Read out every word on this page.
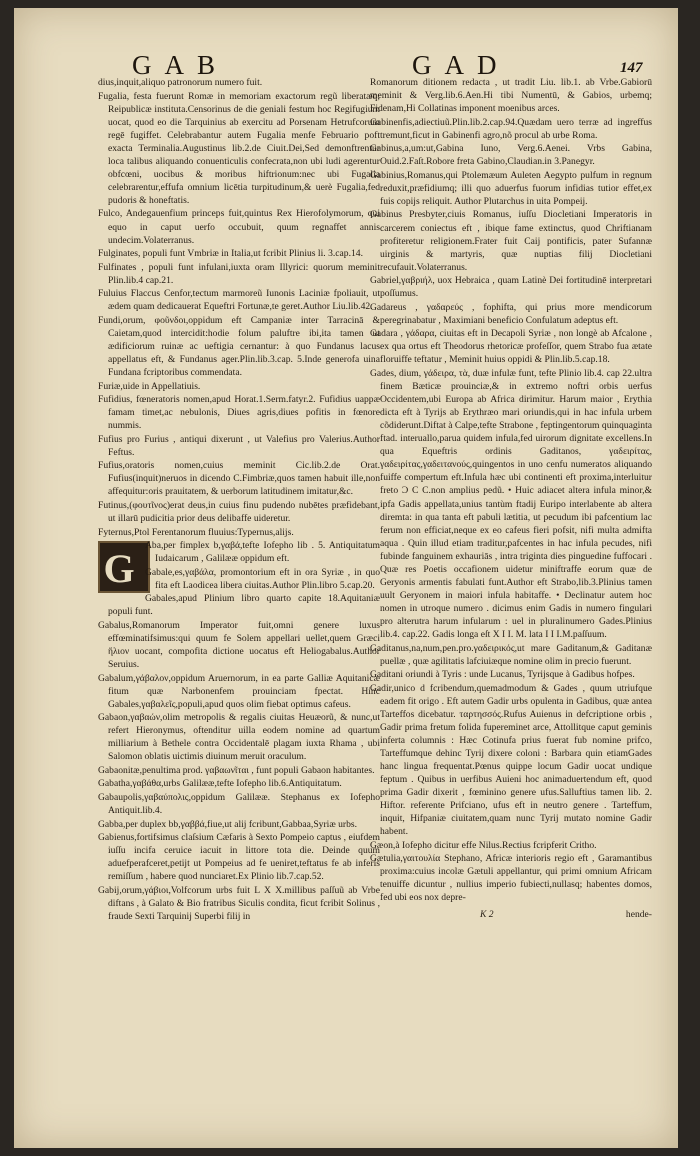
GAB	GAD	147

dius,inquit,aliquo patronorum numero fuit.

Fugalia, festa fuerunt Romæ in memoriam exactorum regũ liberatæq; Reipublicæ instituta.Censorinus de die geniali festum hoc Regifugium uocat, quod eo die Tarquinius ab exercitu ad Porsenam Hetrufcorum regē fugiffet. Celebrabantur autem Fugalia menfe Februario poft exacta Terminalia.Augustinus lib.2.de Ciuit.Dei,Sed demonftrentur loca talibus aliquando conuenticulis confecrata,non ubi ludi agerentur obfcœni, uocibus & moribus hiftrionum:nec ubi Fugalia celebrarentur,effufa omnium licētia turpitudinum,& uerè Fugalia,fed pudoris & honeftatis.

Fulco, Andegauenfium princeps fuit,quintus Rex Hierofolymorum, qui equo in caput uerfo occubuit, quum regnaffet annis undecim.Volaterranus.

Fulginates, populi funt Vmbriæ in Italia,ut fcribit Plinius li. 3.cap.14.

Fulfinates , populi funt infulani,iuxta oram Illyrici: quorum meminit Plin.lib.4 cap.21.

Fuluius Flaccus Cenfor,tectum marmoreũ Iunonis Laciniæ fpoliauit, ut ædem quam dedicauerat Equeftri Fortunæ,te geret.Author Liu.lib.42.

Fundi,orum, φοῦνδοι,oppidum eft Campaniæ inter Tarracinā & Caietam,quod intercidit:hodie folum paluftre ibi,ita tamen ut ædificiorum ruinæ ac ueftigia cernantur: à quo Fundanus lacus appellatus eft, & Fundanus ager.Plin.lib.3.cap. 5.Inde generofa uina Fundana fcriptoribus commendata.

Furiæ,uide in Appellatiuis.

Fufidius, fœneratoris nomen,apud Horat.1.Serm.fatyr.2. Fufidius uappæ famam timet,ac nebulonis, Diues agris,diues pofitis in fœnore nummis.

Fufius pro Furius , antiqui dixerunt , ut Valefius pro Valerius.Author Feftus.

Fufius,oratoris nomen,cuius meminit Cic.lib.2.de Orat. Fufius(inquit)neruos in dicendo C.Fimbriæ,quos tamen habuit ille,non affequitur:oris prauitatem, & uerborum latitudinem imitatur,&c.

Futinus,(φουτῖνος)erat deus,in cuius finu pudendo nubētes præfidebant, ut illarū pudicitia prior deus delibaffe uideretur.

Fyternus,Ptol Ferentanorum fluuius:Typernus,alijs.

G
Aba,per fimplex b,γαβά,tefte Iofepho lib . 5. Antiquitatum Iudaicarum , Galilææ oppidum eft.

Gabale,es,γαβάλα, promontorium eft in ora Syriæ , in quo fita eft Laodicea libera ciuitas.Author Plin.libro 5.cap.20.

Gabales,apud Plinium libro quarto capite 18.Aquitaniæ populi funt.

Gabalus,Romanorum Imperator fuit,omni genere luxus effœminatifsimus:qui quum fe Solem appellari uellet,quem Græci ἥλιον uocant, compofita dictione uocatus eft Heliogabalus.Author Seruius.

Gabalum,γάβαλον,oppidum Aruernorum, in ea parte Galliæ Aquitanicæ fitum quæ Narbonenfem prouinciam fpectat. Hinc Gabales,γαβαλεῖς,populi,apud quos olim fiebat optimus cafeus.

Gabaon,γαβαών,olim metropolis & regalis ciuitas Heuæorũ, & nunc,ut refert Hieronymus, oftenditur uilla eodem nomine ad quartum milliarium à Bethele contra Occidentalē plagam iuxta Rhama , ubi Salomon oblatis uictimis diuinum meruit oraculum.

Gabaonitæ,penultima prod. γαβαωνῖται , funt populi Gabaon habitantes.

Gabatha,γαβάθα,urbs Galilææ,tefte Iofepho lib.6.Antiquitatum.

Gabaupolis,γαβαύπολις,oppidum Galilææ. Stephanus ex Iofepho Antiquit.lib.4.

Gabba,per duplex bb,γαββά,fiue,ut alij fcribunt,Gabbaa,Syriæ urbs.

Gabienus,fortifsimus claſsium Cæfaris à Sexto Pompeio captus , eiufdem iuſſu incifa ceruice iacuit in littore tota die. Deinde quum aduefperafceret,petijt ut Pompeius ad fe ueniret,teftatus fe ab inferis remiſſum , habere quod nunciaret.Ex Plinio lib.7.cap.52.

Gabij,orum,γάβιοι,Volfcorum urbs fuit L X X.millibus paſſuũ ab Vrbe diftans , à Galato & Bio fratribus Siculis condita, ficut fcribit Solinus , fraude Sexti Tarquinij Superbi filij in

Romanorum ditionem redacta , ut tradit Liu. lib.1. ab Vrbe.Gabiorū meminit & Verg.lib.6.Aen.Hi tibi Numentū, & Gabios, urbemq; Fidenam,Hi Collatinas imponent moenibus arces.

Gabinenfis,adiectiuũ.Plin.lib.2.cap.94.Quædam uero terræ ad ingreffus tremunt,ficut in Gabinenfi agro,nõ procul ab urbe Roma.

Gabinus,a,um:ut,Gabina Iuno, Verg.6.Aenei. Vrbs Gabina, Ouid.2.Faſt.Robore freta Gabino,Claudian.in 3.Panegyr.

Gabinius,Romanus,qui Ptolemæum Auleten Aegypto pulfum in regnum reduxit,præfidiumq; illi quo aduerfus fuorum infidias tutior effet,ex fuis copijs reliquit. Author Plutarchus in uita Pompeij.

Gabinus Presbyter,ciuis Romanus, iuſſu Diocletiani Imperatoris in carcerem coniectus eft , ibique fame extinctus, quod Chriftianam profiteretur religionem.Frater fuit Caij pontificis, pater Sufannæ uirginis & martyris, quæ nuptias filij Diocletiani recufauit.Volaterranus.

Gabriel,γαβριήλ, uox Hebraica , quam Latinè Dei fortitudinē interpretari poſſumus.

Gadareus , γαδαρεύς , fophifta, qui prius more mendicorum peregrinabatur , Maximiani beneficio Confulatum adeptus eft.

Gadara , γάδαρα, ciuitas eft in Decapoli Syriæ , non longè ab Afcalone , ex qua ortus eft Theodorus rhetoricæ profeſſor, quem Strabo fua ætate floruiffe teftatur , Meminit huius oppidi & Plin.lib.5.cap.18.

Gades, dium, γάδειρα, τὰ, duæ infulæ funt, tefte Plinio lib.4. cap 22.ultra finem Bæticæ prouinciæ,& in extremo noftri orbis uerfus Occidentem,ubi Europa ab Africa dirimitur. Harum maior , Erythia dicta eft à Tyrijs ab Erythræo mari oriundis,qui in hac infula urbem cõdiderunt.Diftat à Calpe,tefte Strabone , feptingentorum quinquaginta ftad. interuallo,parua quidem infula,fed uirorum dignitate excellens.In qua Equeftris ordinis Gaditanos, γαδειρίτας, γαδειρίτας,γαδειτανούς,quingentos in uno cenfu numeratos aliquando fuiffe compertum eft.Infula hæc ubi continenti eft proxima,interluitur freto Ͻ C C.non amplius pedũ. • Huic adiacet altera infula minor,& ipfa Gadis appellata,unius tantùm ftadij Euripo interlabente ab altera diremta: in qua tanta eft pabuli lætitia, ut pecudum ibi pafcentium lac ferum non efficiat,neque ex eo cafeus fieri pofsit, nifi multa admifta aqua . Quin illud etiam traditur,pafcentes in hac infula pecudes, nifi fubinde fanguinem exhauriās , intra triginta dies pinguedine fuffocari . Quæ res Poetis occafionem uidetur miniftraffe eorum quæ de Geryonis armentis fabulati funt.Author eft Strabo,lib.3.Plinius tamen uult Geryonem in maiori infula habitaffe. • Declinatur autem hoc nomen in utroque numero . dicimus enim Gadis in numero fingulari pro alterutra harum infularum : uel in pluralinumero Gades.Plinius lib.4. cap.22. Gadis longa eſt X I I. M. lata I I I.M.paſſuum.

Gaditanus,na,num,pen.pro.γαδειρικός,ut mare Gaditanum,& Gaditanæ puellæ , quæ agilitatis lafciuiæque nomine olim in precio fuerunt.

Gaditani oriundi à Tyris : unde Lucanus, Tyrijsque à Gadibus hofpes.

Gadir,unico d fcribendum,quemadmodum & Gades , quum utriufque eadem fit origo . Eft autem Gadir urbs opulenta in Gadibus, quæ antea Tarteffos dicebatur. ταρτησσός.Rufus Auienus in defcriptione orbis , Gadir prima fretum folida fupereminet arce, Attollitque caput geminis inferta columnis : Hæc Cotinufa prius fuerat fub nomine prifco, Tarteffumque dehinc Tyrij dixere coloni : Barbara quin etiamGades hanc lingua frequentat.Pœnus quippe locum Gadir uocat undique feptum . Quibus in uerfibus Auieni hoc animaduertendum eft, quod prima Gadir dixerit , fœminino genere ufus.Salluftius tamen lib. 2. Hiftor. referente Prifciano, ufus eft in neutro genere . Tarteffum, inquit, Hifpaniæ ciuitatem,quam nunc Tyrij mutato nomine Gadir habent.

Gæon,à Iofepho dicitur effe Nilus.Rectius fcripferit Critho.

Gætulia,γαιτουλία Stephano, Africæ interioris regio eft , Garamantibus proxima:cuius incolæ Gætuli appellantur, qui primi omnium Africam tenuiffe dicuntur , nullius imperio fubiecti,nullasq; habentes domos, fed ubi eos nox depre-

K 2	hende-
